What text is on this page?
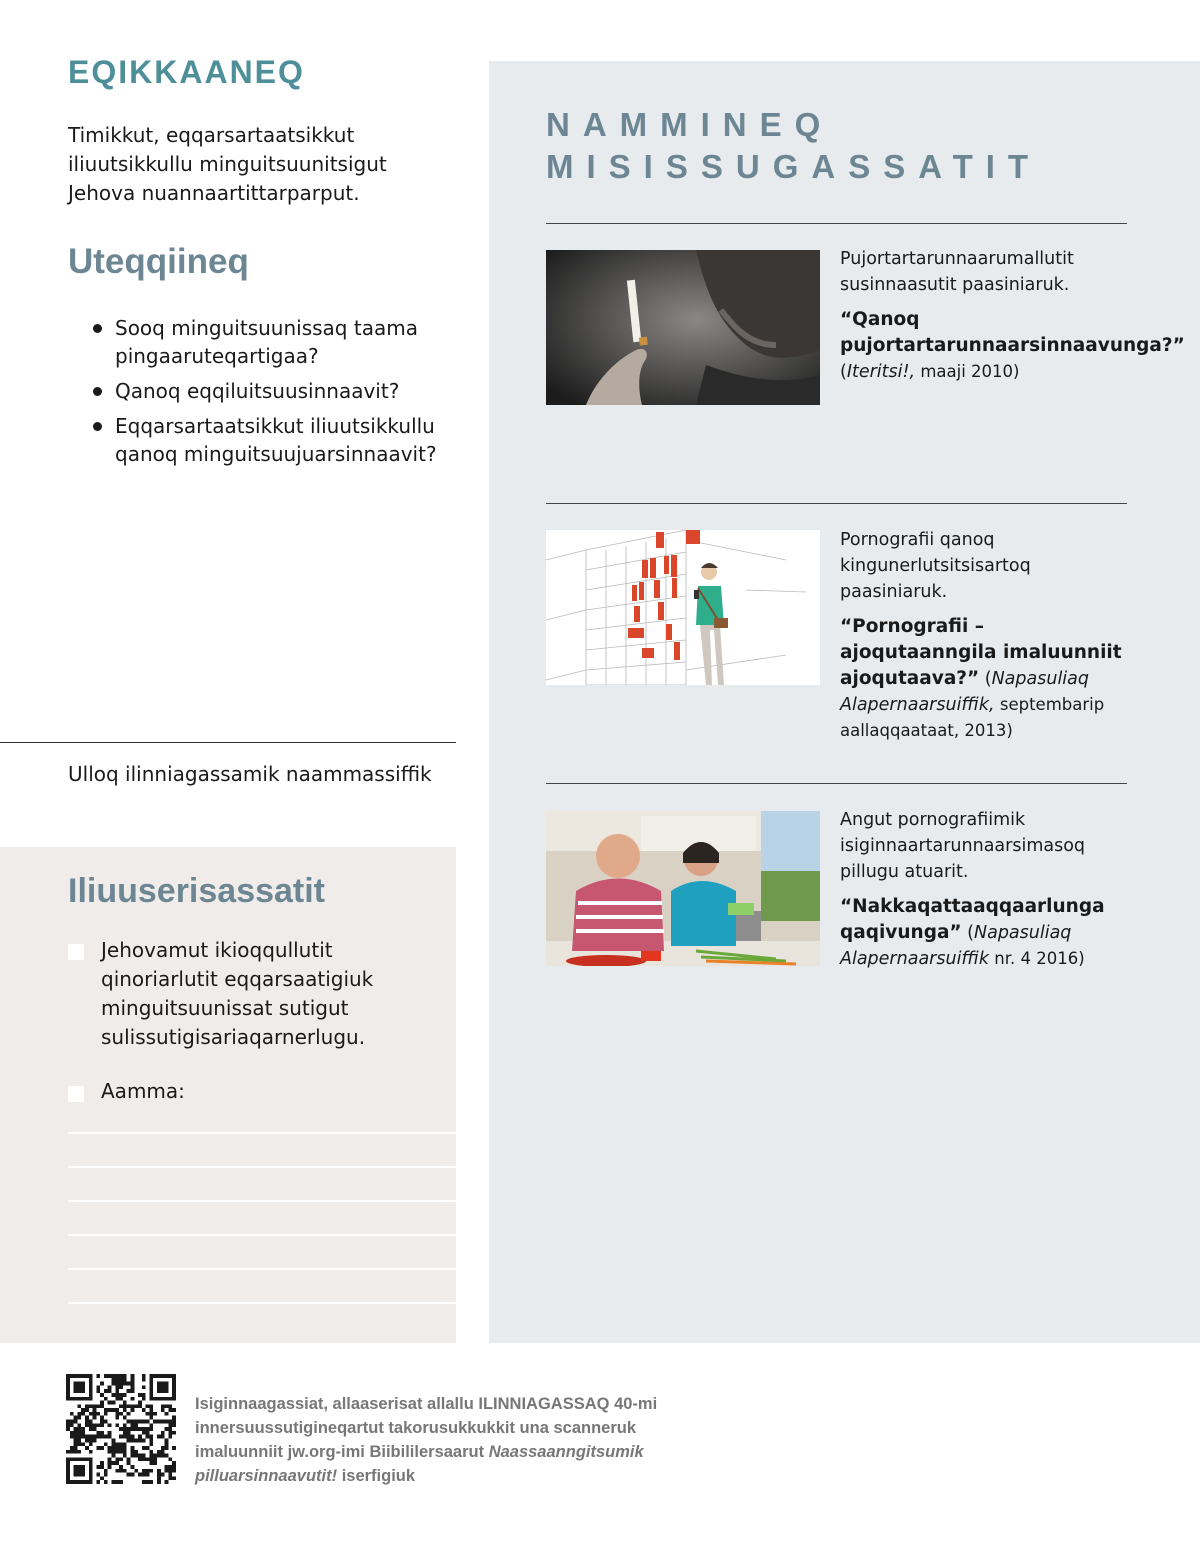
EQIKKAANEQ

Timikkut, eqqarsartaatsikkut iliuutsikkullu minguitsuunitsigut Jehova nuannaartittarparput.

Uteqqiineq
Sooq minguitsuunissaq taama pingaaruteqartigaa?
Qanoq eqqiluitsuusinnaavit?
Eqqarsartaatsikkut iliuutsikkullu qanoq minguitsuujuarsinnaavit?

Ulloq ilinniagassamik naammassiffik

Iliuuserisassatit

Jehovamut ikioqqullutit qinoriarlutit eqqarsaatigiuk minguitsuunissat sutigut sulissutigisariaqarnerlugu.

Aamma:

NAMMINEQ MISISSUGASSATIT

Pujortartarunnaarumallutit susinnaasutit paasiniaruk.

“Qanoq pujortartarunnaarsinnaavunga?” (Iteritsi!, maaji 2010)

Pornografii qanoq kingunerlutsitsisartoq paasiniaruk.

“Pornografii – ajoqutaanngila imaluunniit ajoqutaava?” (Napasuliaq Alapernaarsuiffik, septembarip aallaqqaataat, 2013)

Angut pornografiimik isiginnaartarunnaarsimasoq pillugu atuarit.

“Nakkaqattaaqqaarlunga qaqivunga” (Napasuliaq Alapernaarsuiffik nr. 4 2016)

Isiginnaagassiat, allaaserisat allallu ILINNIAGASSAQ 40-mi innersuussutigineqartut takorusukkukkit una scanneruk imaluunniit jw.org-imi Biibililersaarut Naassaanngitsumik pilluarsinnaavutit! iserfigiuk
